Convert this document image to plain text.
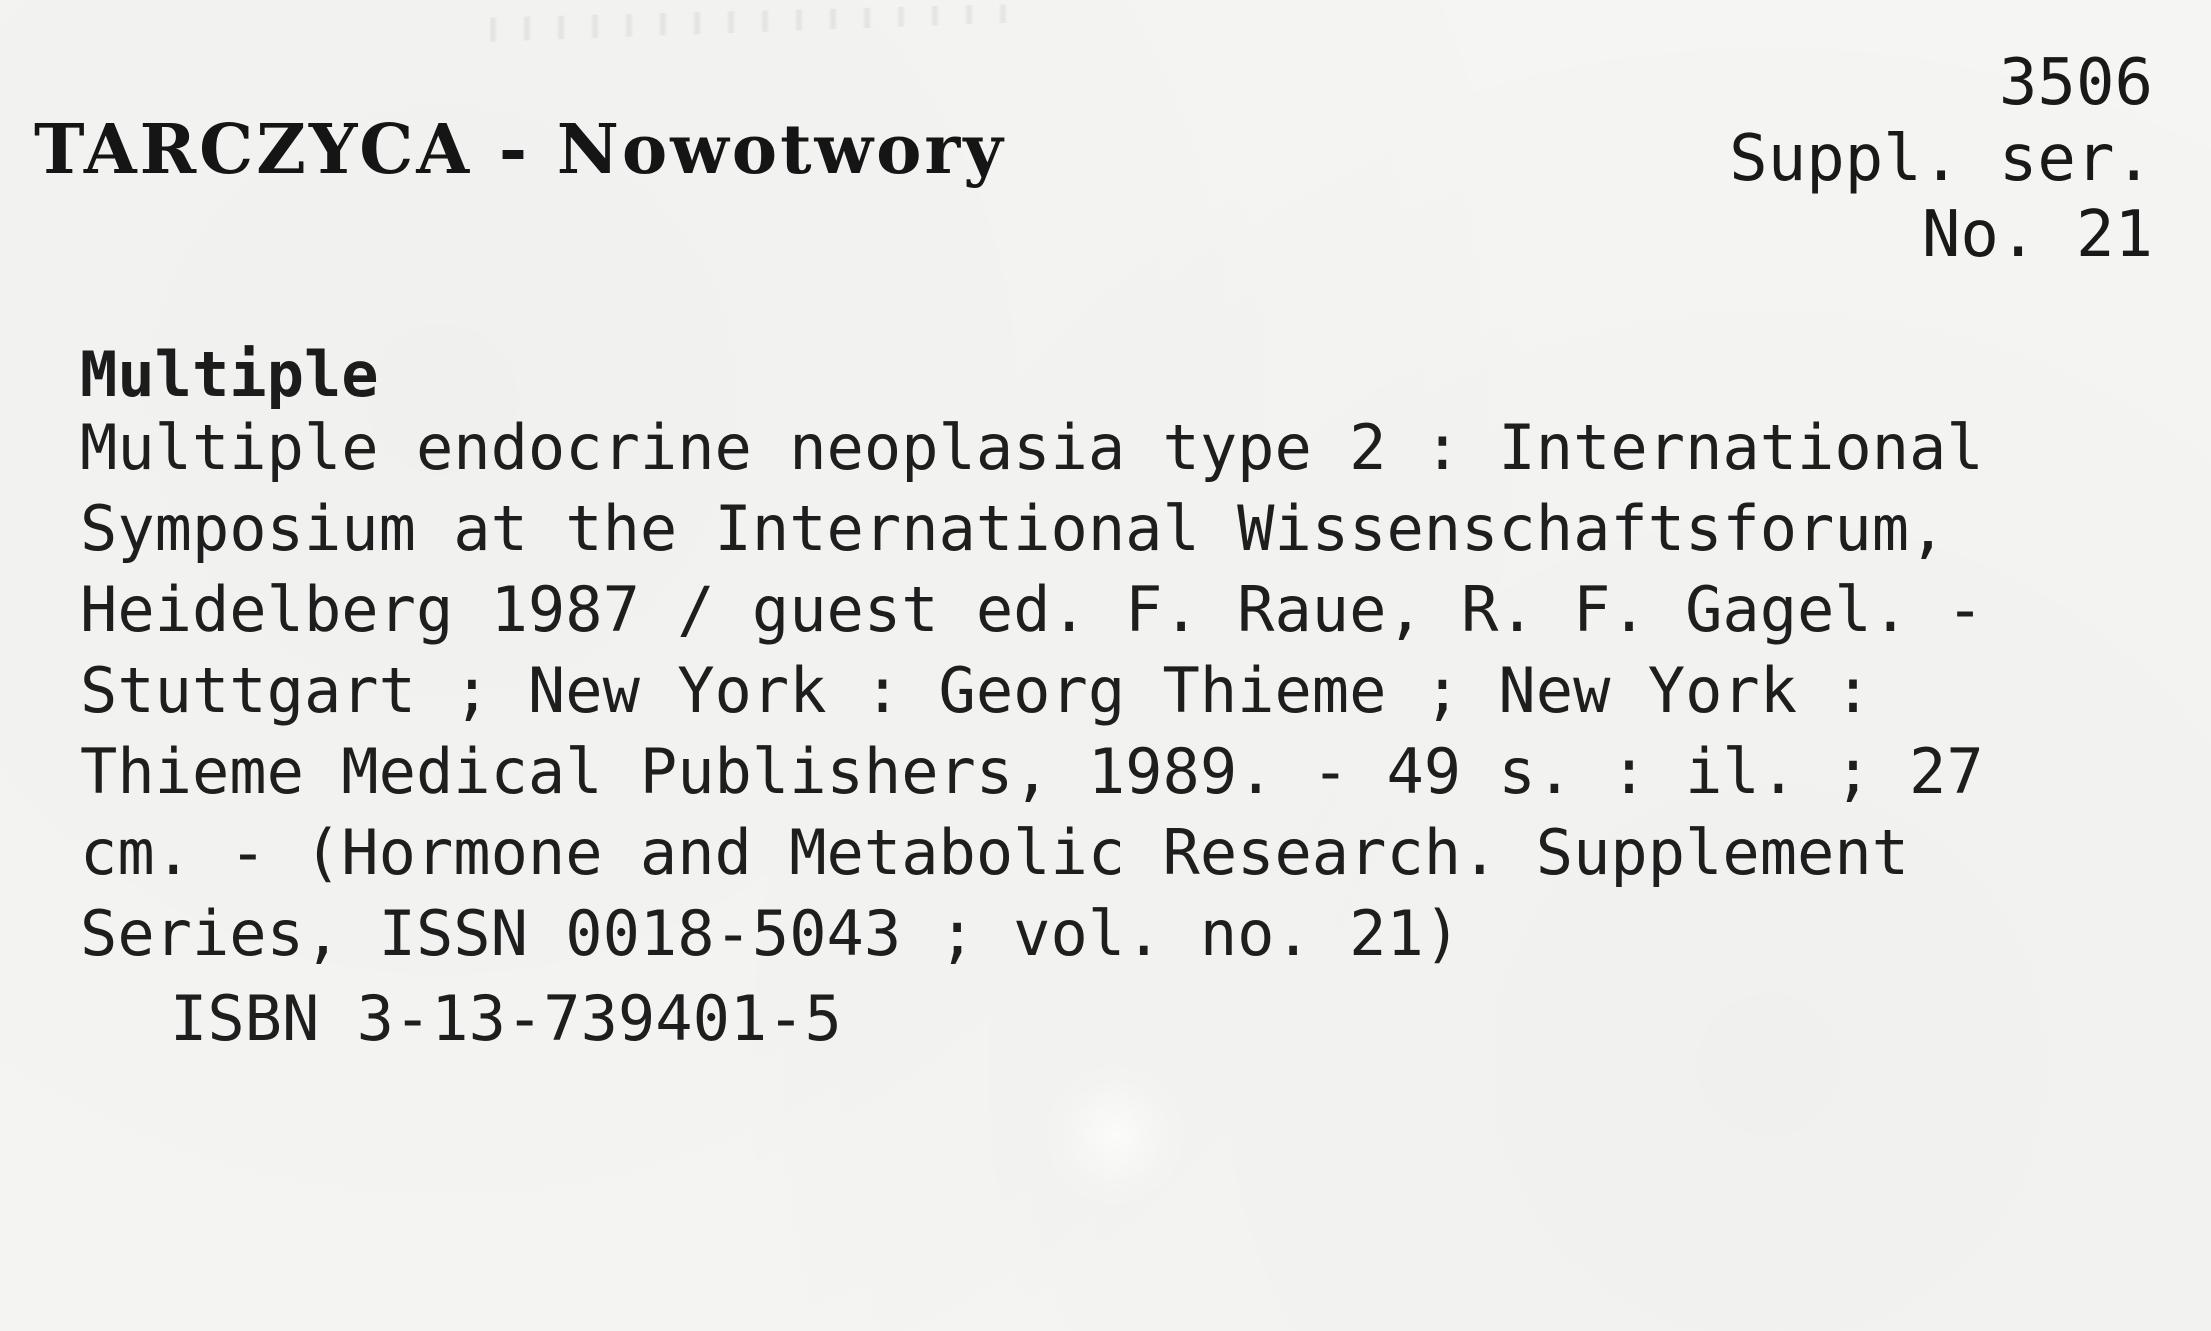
TARCZYCA - Nowotwory
3506
Suppl. ser.
No. 21
Multiple
Multiple endocrine neoplasia type 2 : International
Symposium at the International Wissenschaftsforum,
Heidelberg 1987 / guest ed. F. Raue, R. F. Gagel. -
Stuttgart ; New York : Georg Thieme ; New York :
Thieme Medical Publishers, 1989. - 49 s. : il. ; 27
cm. - (Hormone and Metabolic Research. Supplement
Series, ISSN 0018-5043 ; vol. no. 21)
ISBN 3-13-739401-5
